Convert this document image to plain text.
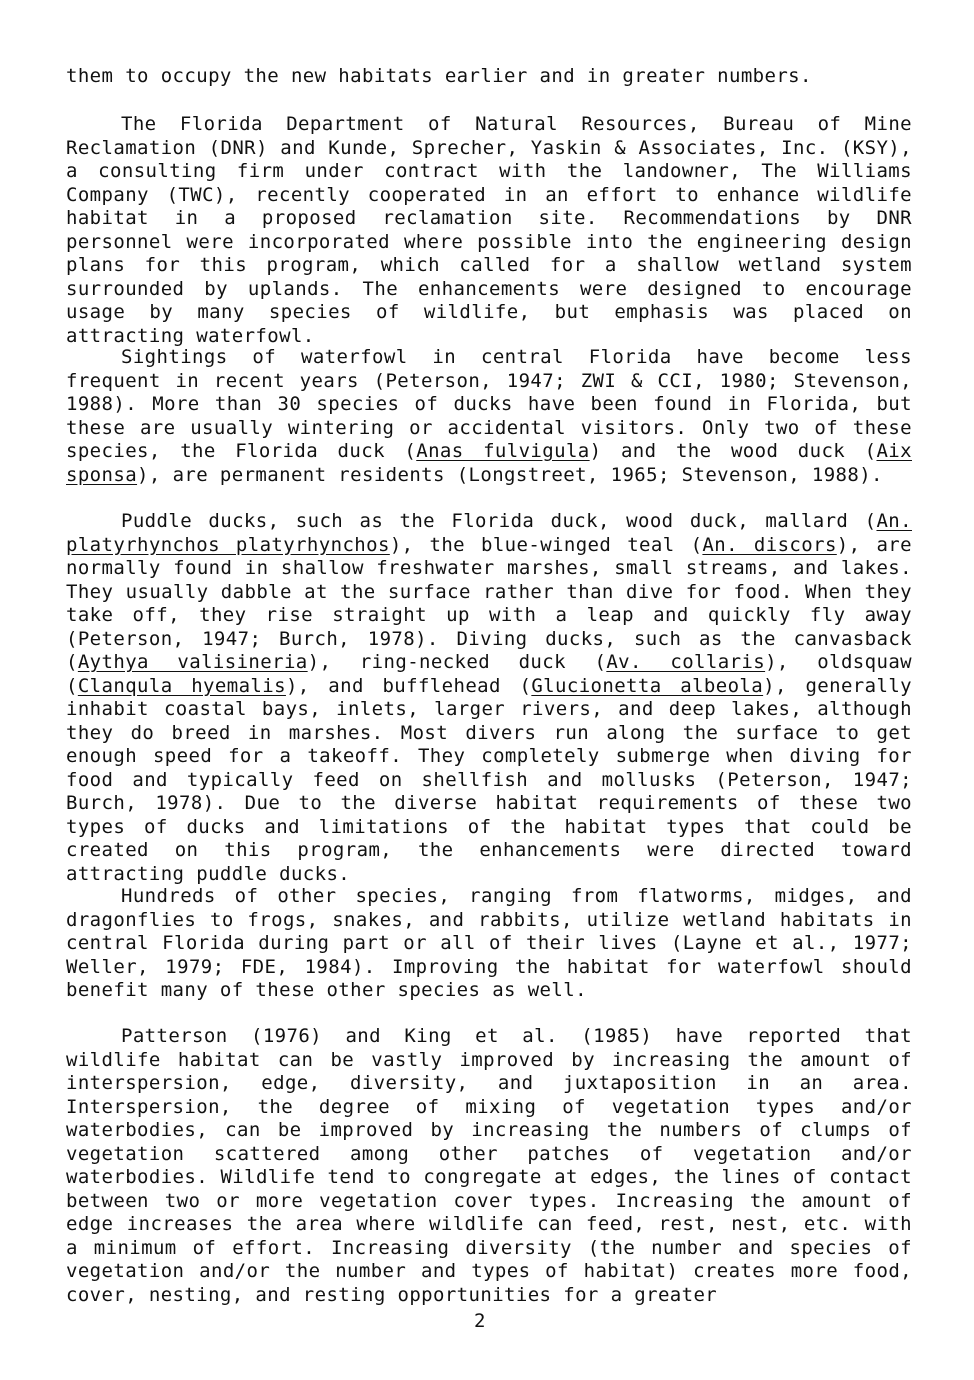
them to occupy the new habitats earlier and in greater numbers.

The Florida Department of Natural Resources, Bureau of Mine Reclamation (DNR) and Kunde, Sprecher, Yaskin & Associates, Inc. (KSY), a consulting firm under contract with the landowner, The Williams Company (TWC), recently cooperated in an effort to enhance wildlife habitat in a proposed reclamation site. Recommendations by DNR personnel were incorporated where possible into the engineering design plans for this program, which called for a shallow wetland system surrounded by uplands. The enhancements were designed to encourage usage by many species of wildlife, but emphasis was placed on attracting waterfowl.

Sightings of waterfowl in central Florida have become less frequent in recent years (Peterson, 1947; ZWI & CCI, 1980; Stevenson, 1988). More than 30 species of ducks have been found in Florida, but these are usually wintering or accidental visitors. Only two of these species, the Florida duck (Anas fulvigula) and the wood duck (Aix sponsa), are permanent residents (Longstreet, 1965; Stevenson, 1988).

Puddle ducks, such as the Florida duck, wood duck, mallard (An. platyrhynchos platyrhynchos), the blue-winged teal (An. discors), are normally found in shallow freshwater marshes, small streams, and lakes. They usually dabble at the surface rather than dive for food. When they take off, they rise straight up with a leap and quickly fly away (Peterson, 1947; Burch, 1978). Diving ducks, such as the canvasback (Aythya valisineria), ring-necked duck (Av. collaris), oldsquaw (Clanqula hyemalis), and bufflehead (Glucionetta albeola), generally inhabit coastal bays, inlets, larger rivers, and deep lakes, although they do breed in marshes. Most divers run along the surface to get enough speed for a takeoff. They completely submerge when diving for food and typically feed on shellfish and mollusks (Peterson, 1947; Burch, 1978). Due to the diverse habitat requirements of these two types of ducks and limitations of the habitat types that could be created on this program, the enhancements were directed toward attracting puddle ducks.

Hundreds of other species, ranging from flatworms, midges, and dragonflies to frogs, snakes, and rabbits, utilize wetland habitats in central Florida during part or all of their lives (Layne et al., 1977; Weller, 1979; FDE, 1984). Improving the habitat for waterfowl should benefit many of these other species as well.

Patterson (1976) and King et al. (1985) have reported that wildlife habitat can be vastly improved by increasing the amount of interspersion, edge, diversity, and juxtaposition in an area. Interspersion, the degree of mixing of vegetation types and/or waterbodies, can be improved by increasing the numbers of clumps of vegetation scattered among other patches of vegetation and/or waterbodies. Wildlife tend to congregate at edges, the lines of contact between two or more vegetation cover types. Increasing the amount of edge increases the area where wildlife can feed, rest, nest, etc. with a minimum of effort. Increasing diversity (the number and species of vegetation and/or the number and types of habitat) creates more food, cover, nesting, and resting opportunities for a greater

2
